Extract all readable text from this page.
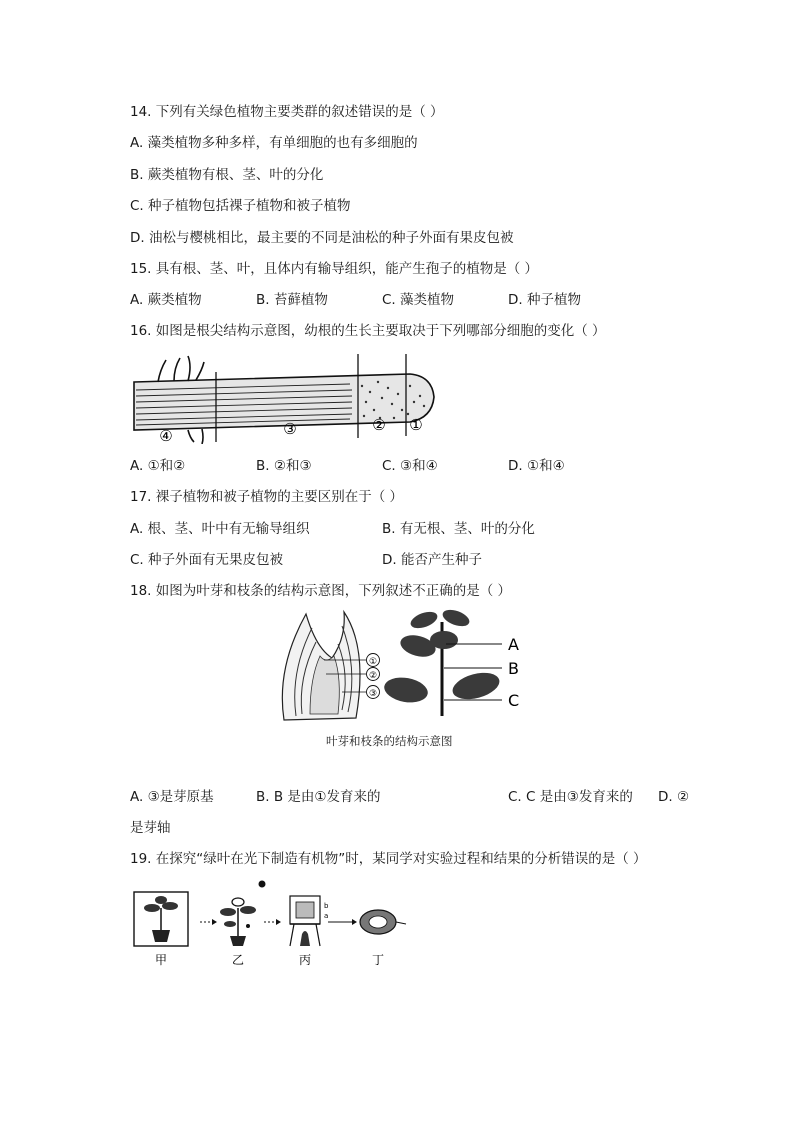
14. 下列有关绿色植物主要类群的叙述错误的是（ ）
A. 藻类植物多种多样，有单细胞的也有多细胞的
B. 蕨类植物有根、茎、叶的分化
C. 种子植物包括裸子植物和被子植物
D. 油松与樱桃相比，最主要的不同是油松的种子外面有果皮包被
15. 具有根、茎、叶，且体内有输导组织，能产生孢子的植物是（ ）
A. 蕨类植物	B. 苔藓植物	C. 藻类植物	D. 种子植物
16. 如图是根尖结构示意图，幼根的生长主要取决于下列哪部分细胞的变化（ ）
④	③	② ①
A. ①和②	B. ②和③	C. ③和④	D. ①和④
17. 裸子植物和被子植物的主要区别在于（ ）
A. 根、茎、叶中有无输导组织	B. 有无根、茎、叶的分化
C. 种子外面有无果皮包被	D. 能否产生种子
18. 如图为叶芽和枝条的结构示意图，下列叙述不正确的是（ ）
①
②
③
A
B
C
叶芽和枝条的结构示意图
A. ③是芽原基	B. B 是由①发育来的	C. C 是由③发育来的 D. ②
是芽轴
19. 在探究“绿叶在光下制造有机物”时，某同学对实验过程和结果的分析错误的是（ ）
b
a
甲	乙	丙	丁
